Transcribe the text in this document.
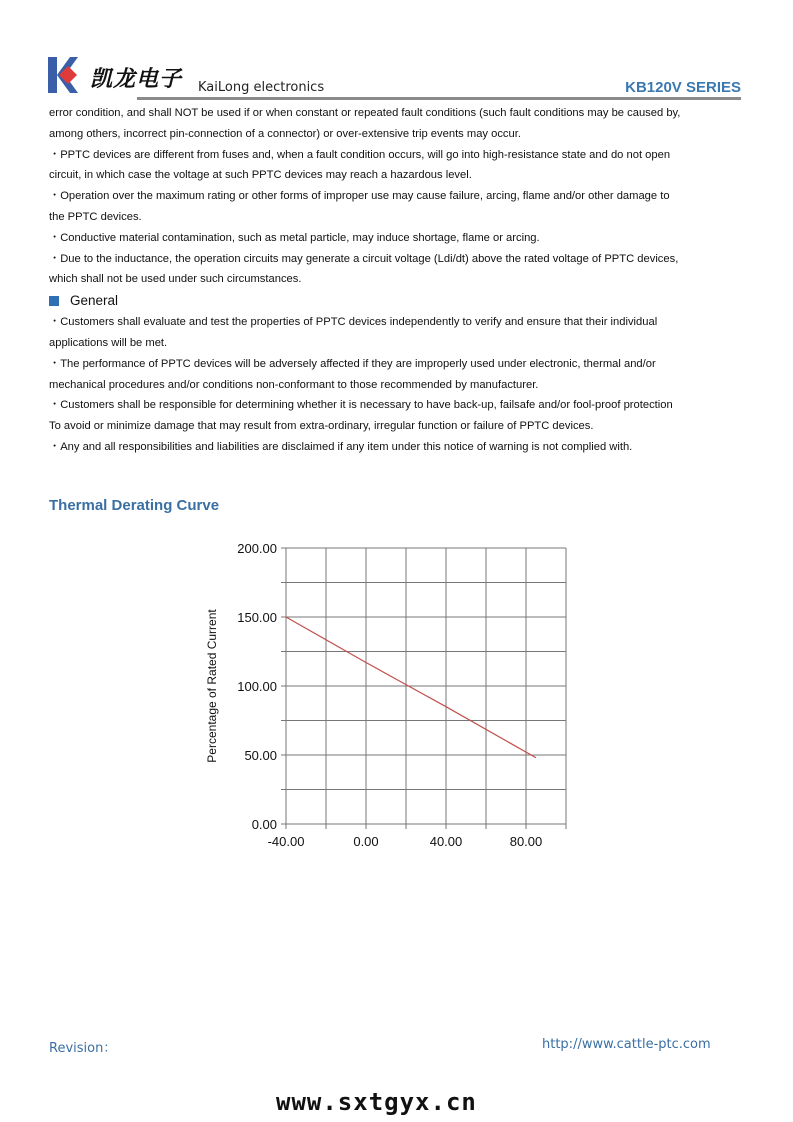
凯龙电子 KaiLong electronics	KB120V SERIES

error condition, and shall NOT be used if or when constant or repeated fault conditions (such fault conditions may be caused by,

among others, incorrect pin-connection of a connector) or over-extensive trip events may occur.

・PPTC devices are different from fuses and, when a fault condition occurs, will go into high-resistance state and do not open

circuit, in which case the voltage at such PPTC devices may reach a hazardous level.

・Operation over the maximum rating or other forms of improper use may cause failure, arcing, flame and/or other damage to

the PPTC devices.

・Conductive material contamination, such as metal particle, may induce shortage, flame or arcing.

・Due to the inductance, the operation circuits may generate a circuit voltage (Ldi/dt) above the rated voltage of PPTC devices,

which shall not be used under such circumstances.

General

・Customers shall evaluate and test the properties of PPTC devices independently to verify and ensure that their individual

applications will be met.

・The performance of PPTC devices will be adversely affected if they are improperly used under electronic, thermal and/or

mechanical procedures and/or conditions non-conformant to those recommended by manufacturer.

・Customers shall be responsible for determining whether it is necessary to have back-up, failsafe and/or fool-proof protection

To avoid or minimize damage that may result from extra-ordinary, irregular function or failure of PPTC devices.

・Any and all responsibilities and liabilities are disclaimed if any item under this notice of warning is not complied with.

Thermal Derating Curve
0.00
50.00
100.00
150.00
200.00
-40.00	0.00	40.00	80.00
Percentage of Rated Current
Revision：	http://www.cattle-ptc.com
www.sxtgyx.cn
